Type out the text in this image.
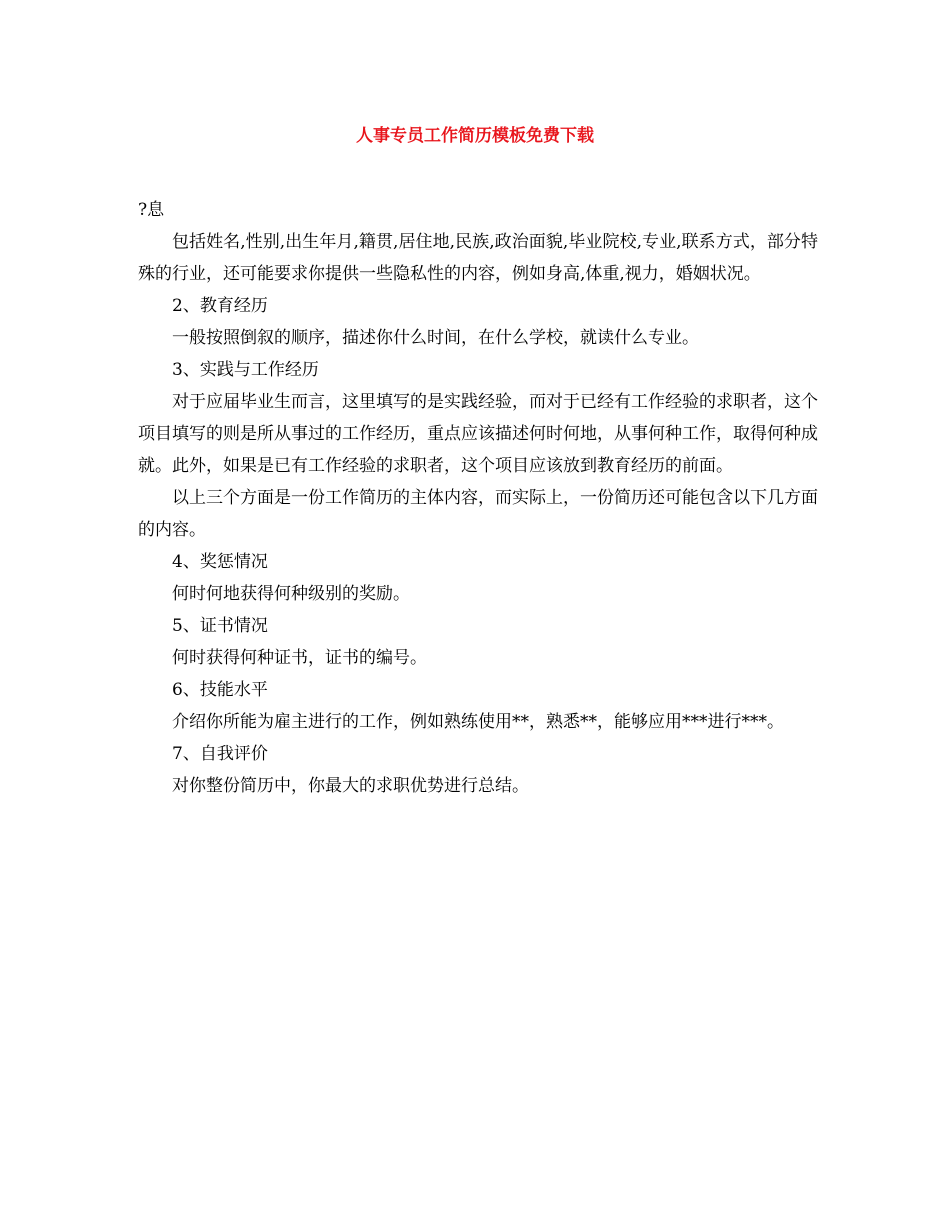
人事专员工作简历模板免费下载

?息

包括姓名,性别,出生年月,籍贯,居住地,民族,政治面貌,毕业院校,专业,联系方式，部分特殊的行业，还可能要求你提供一些隐私性的内容，例如身高,体重,视力，婚姻状况。

2、教育经历

一般按照倒叙的顺序，描述你什么时间，在什么学校，就读什么专业。

3、实践与工作经历

对于应届毕业生而言，这里填写的是实践经验，而对于已经有工作经验的求职者，这个项目填写的则是所从事过的工作经历，重点应该描述何时何地，从事何种工作，取得何种成就。此外，如果是已有工作经验的求职者，这个项目应该放到教育经历的前面。

以上三个方面是一份工作简历的主体内容，而实际上，一份简历还可能包含以下几方面的内容。

4、奖惩情况

何时何地获得何种级别的奖励。

5、证书情况

何时获得何种证书，证书的编号。

6、技能水平

介绍你所能为雇主进行的工作，例如熟练使用**，熟悉**，能够应用***进行***。

7、自我评价

对你整份简历中，你最大的求职优势进行总结。
